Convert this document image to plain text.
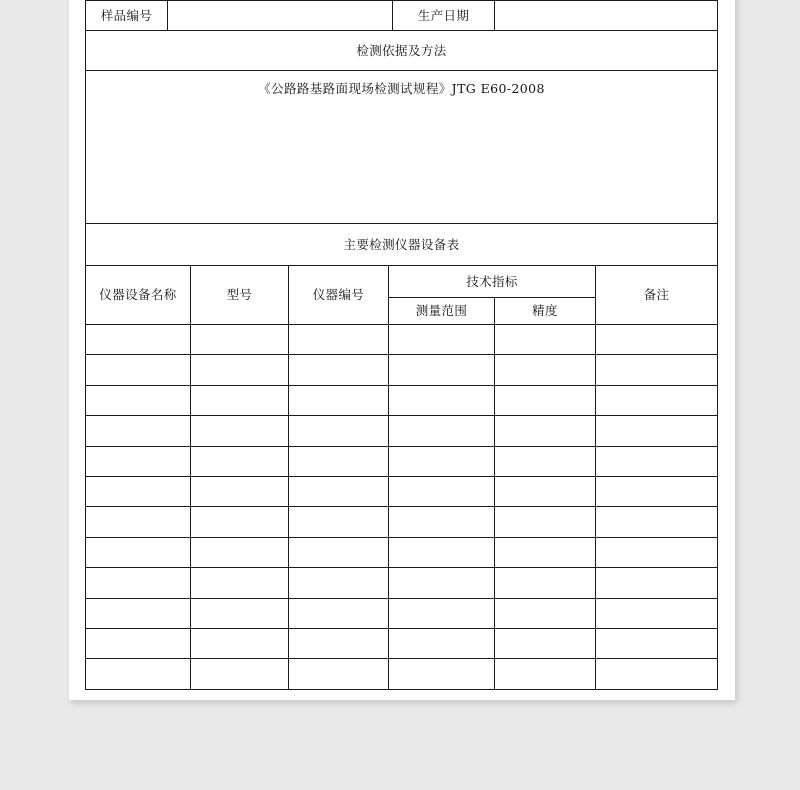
样品编号		生产日期	
检测依据及方法
《公路路基路面现场检测试规程》JTG E60-2008
主要检测仪器设备表
仪器设备名称	型号	仪器编号	技术指标		备注
			测量范围	精度	
